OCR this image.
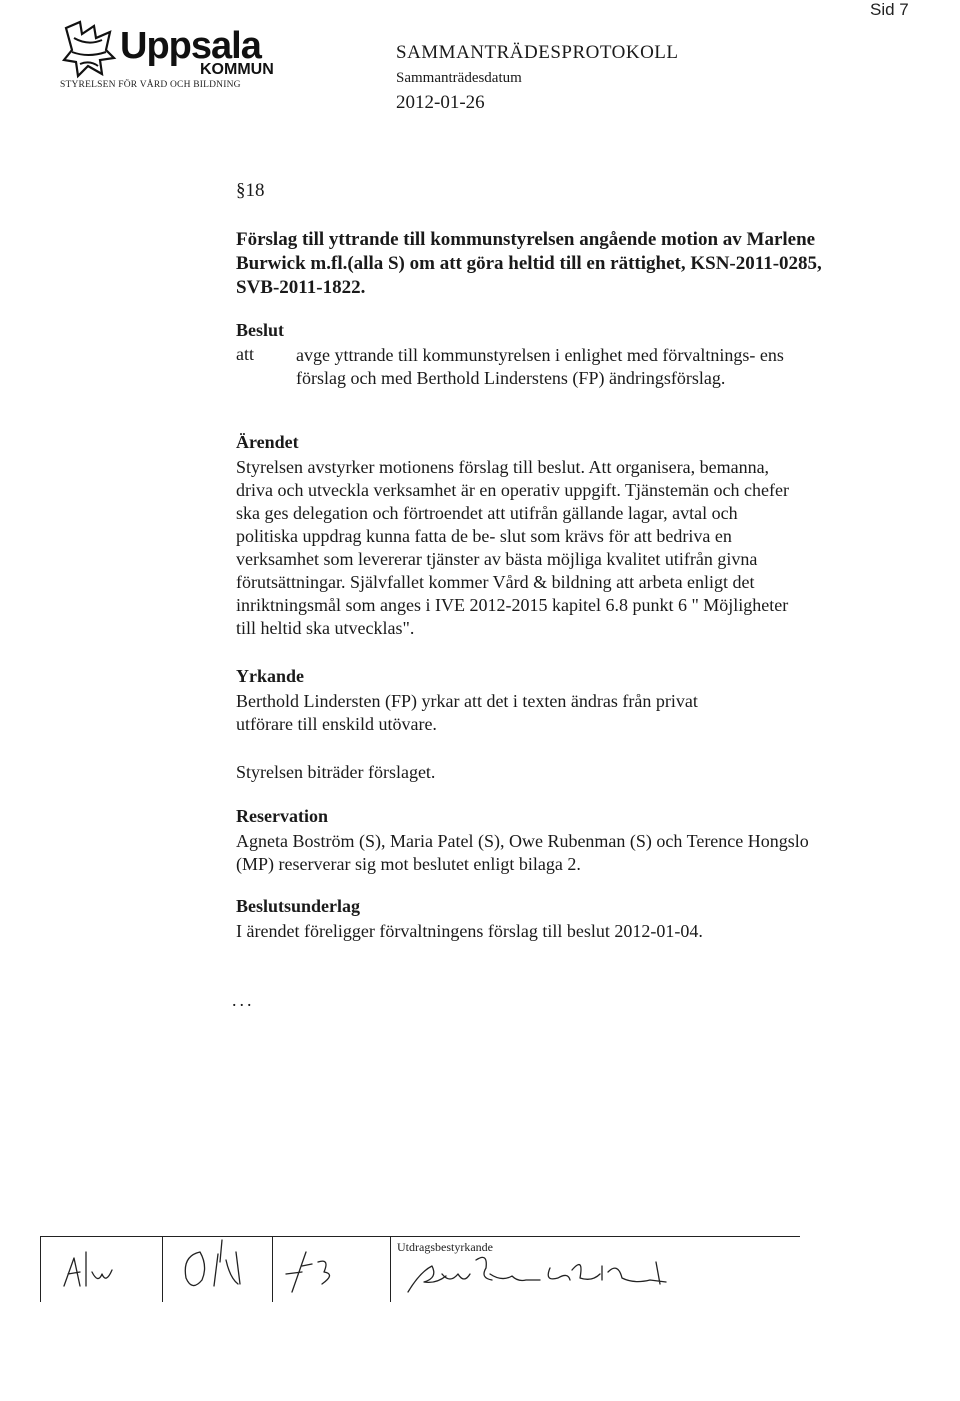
Sid 7
Uppsala
KOMMUN
STYRELSEN FÖR VÅRD OCH BILDNING
SAMMANTRÄDESPROTOKOLL
Sammanträdesdatum
2012-01-26
§18
Förslag till yttrande till kommunstyrelsen angående motion av Marlene Burwick m.fl.(alla S) om att göra heltid till en rättighet, KSN-2011-0285, SVB-2011-1822.
Beslut
att avge yttrande till kommunstyrelsen i enlighet med förvaltnings- ens förslag och med Berthold Linderstens (FP) ändringsförslag.
Ärendet
Styrelsen avstyrker motionens förslag till beslut. Att organisera, bemanna, driva och utveckla verksamhet är en operativ uppgift. Tjänstemän och chefer ska ges delegation och förtroendet att utifrån gällande lagar, avtal och politiska uppdrag kunna fatta de be- slut som krävs för att bedriva en verksamhet som levererar tjänster av bästa möjliga kvalitet utifrån givna förutsättningar. Självfallet kommer Vård & bildning att arbeta enligt det inriktningsmål som anges i IVE 2012-2015 kapitel 6.8 punkt 6 " Möjligheter till heltid ska utvecklas".
Yrkande
Berthold Lindersten (FP) yrkar att det i texten ändras från privat utförare till enskild utövare.
Styrelsen biträder förslaget.
Reservation
Agneta Boström (S), Maria Patel (S), Owe Rubenman (S) och Terence Hongslo (MP) reserverar sig mot beslutet enligt bilaga 2.
Beslutsunderlag
I ärendet föreligger förvaltningens förslag till beslut 2012-01-04.
...
Utdragsbestyrkande
